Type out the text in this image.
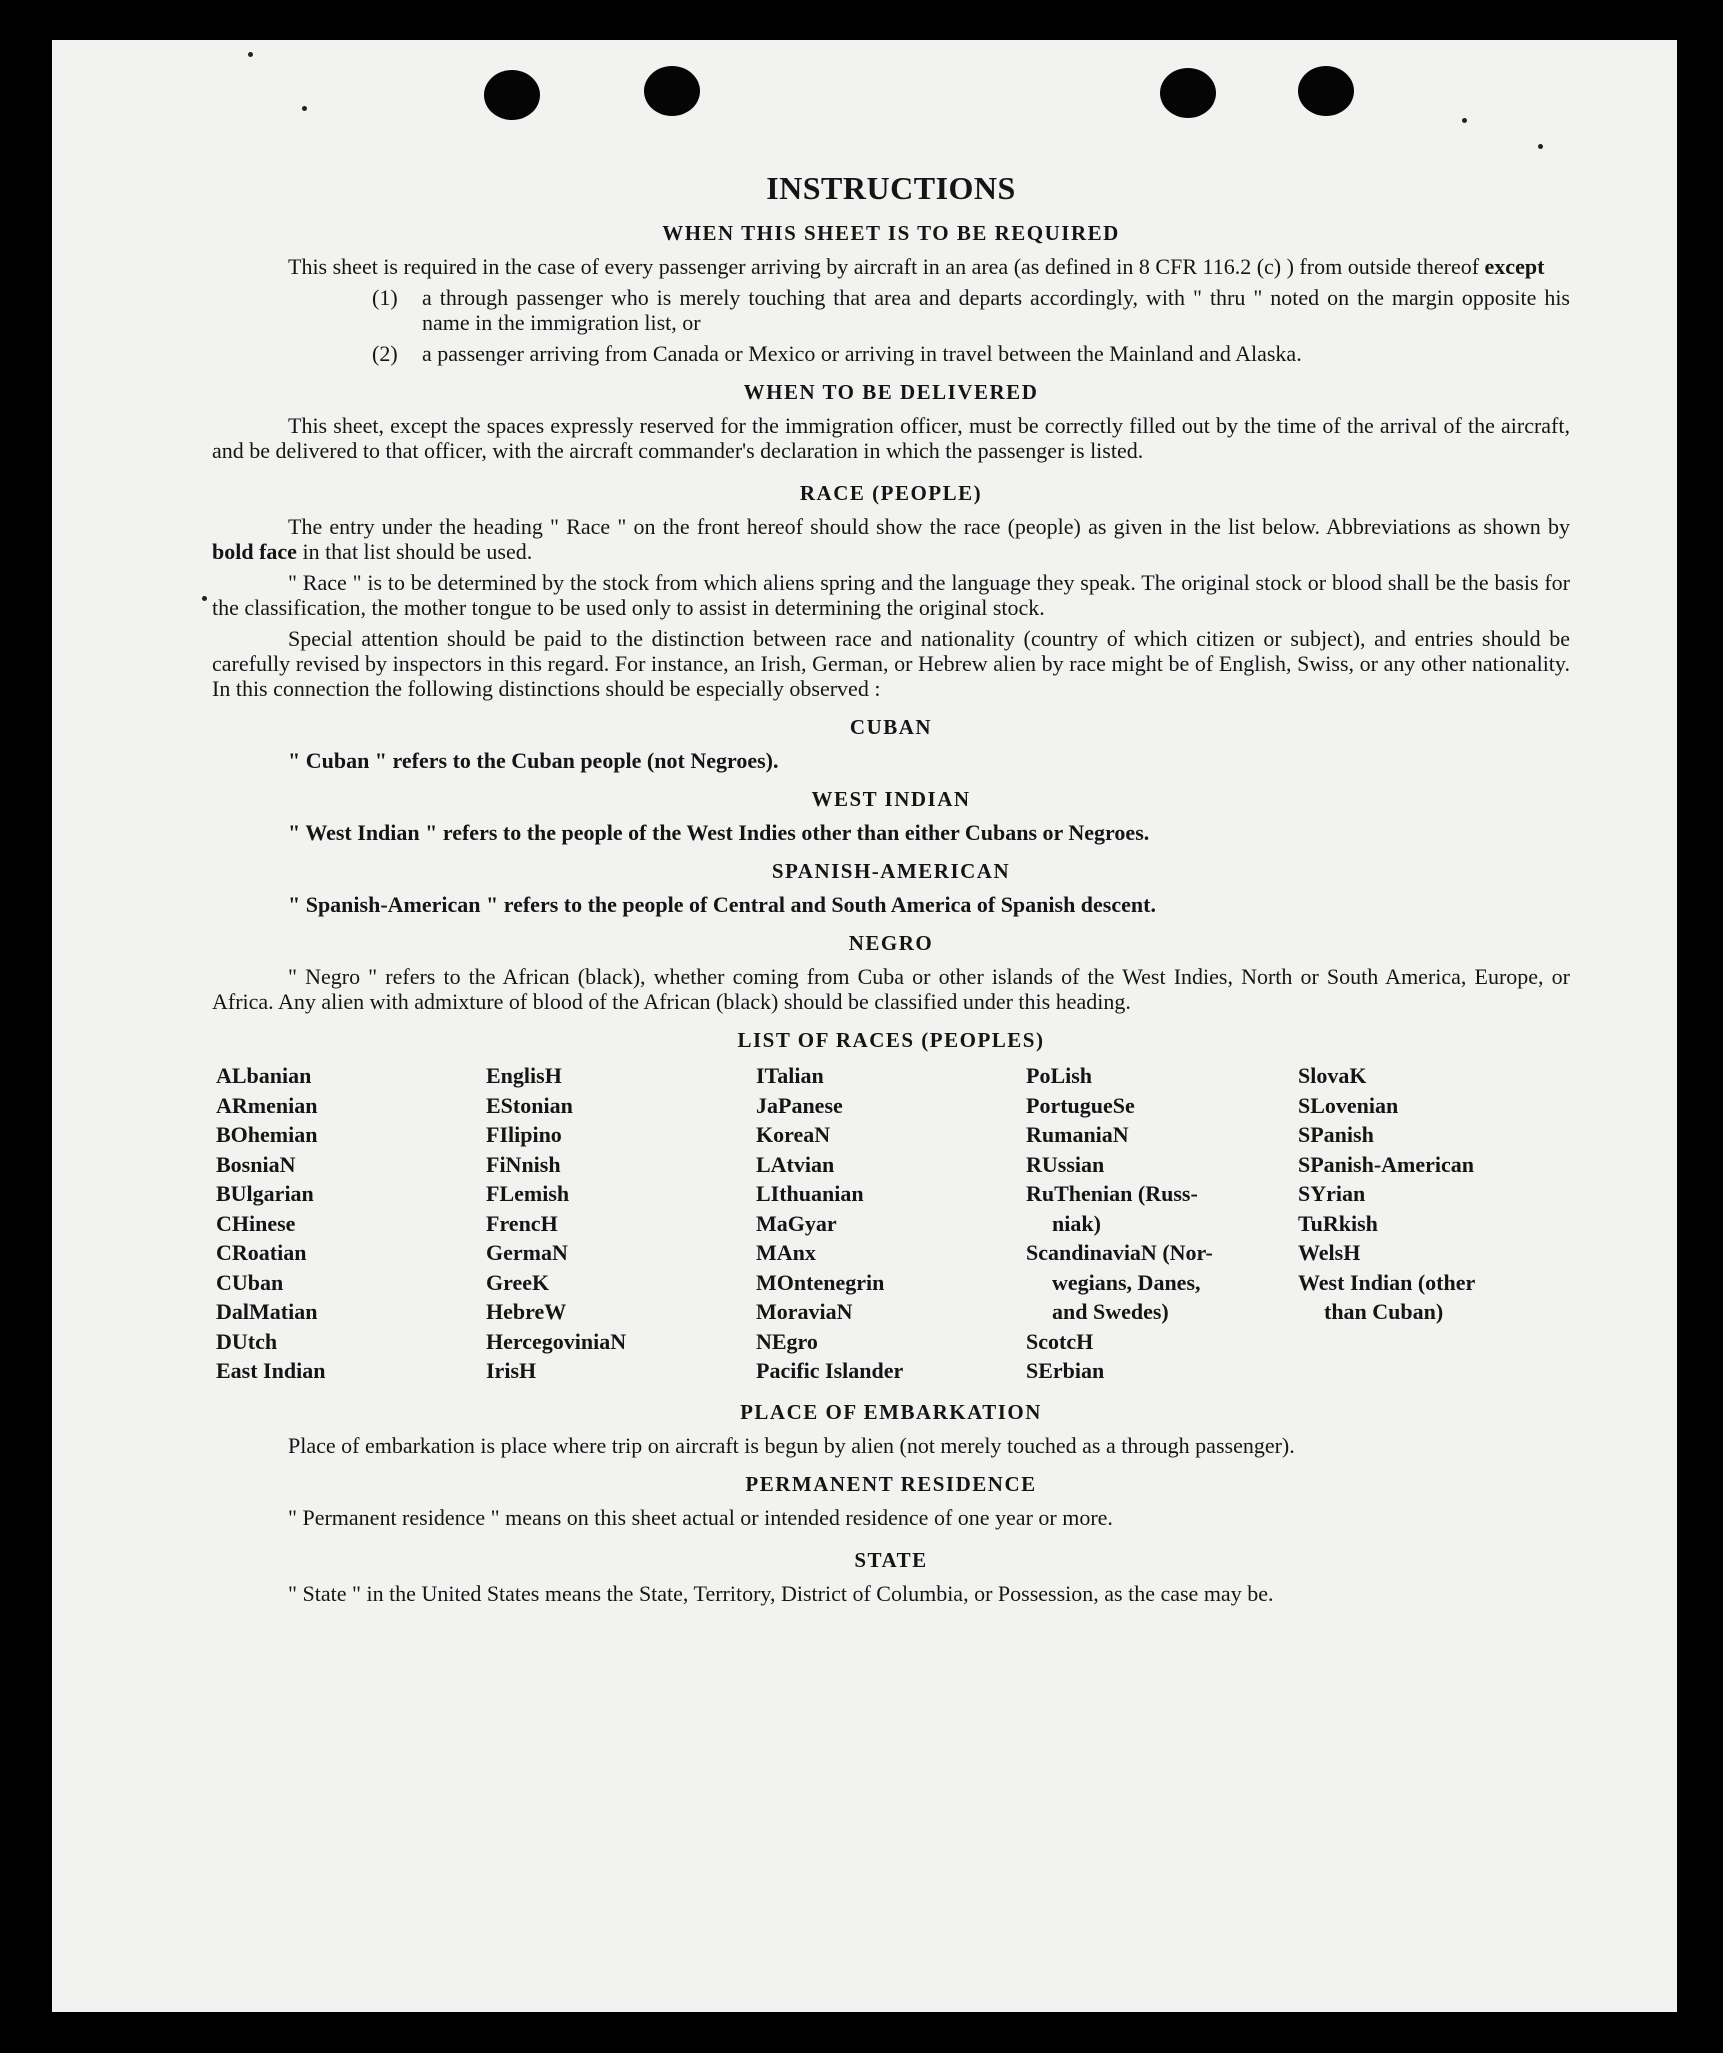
INSTRUCTIONS
WHEN THIS SHEET IS TO BE REQUIRED

This sheet is required in the case of every passenger arriving by aircraft in an area (as defined in 8 CFR 116.2 (c) ) from outside thereof except

(1)	a through passenger who is merely touching that area and departs accordingly, with " thru " noted on the margin opposite his name in the immigration list, or
(2)	a passenger arriving from Canada or Mexico or arriving in travel between the Mainland and Alaska.
WHEN TO BE DELIVERED

This sheet, except the spaces expressly reserved for the immigration officer, must be correctly filled out by the time of the arrival of the aircraft, and be delivered to that officer, with the aircraft commander's declaration in which the passenger is listed.

RACE (PEOPLE)

The entry under the heading " Race " on the front hereof should show the race (people) as given in the list below. Abbreviations as shown by bold face in that list should be used.

" Race " is to be determined by the stock from which aliens spring and the language they speak. The original stock or blood shall be the basis for the classification, the mother tongue to be used only to assist in determining the original stock.

Special attention should be paid to the distinction between race and nationality (country of which citizen or subject), and entries should be carefully revised by inspectors in this regard. For instance, an Irish, German, or Hebrew alien by race might be of English, Swiss, or any other nationality. In this connection the following distinctions should be especially observed :

CUBAN
" Cuban " refers to the Cuban people (not Negroes).
WEST INDIAN
" West Indian " refers to the people of the West Indies other than either Cubans or Negroes.
SPANISH-AMERICAN
" Spanish-American " refers to the people of Central and South America of Spanish descent.
NEGRO

" Negro " refers to the African (black), whether coming from Cuba or other islands of the West Indies, North or South America, Europe, or Africa. Any alien with admixture of blood of the African (black) should be classified under this heading.

LIST OF RACES (PEOPLES)
ALbanian
ARmenian
BOhemian
BosniaN
BUlgarian
CHinese
CRoatian
CUban
DalMatian
DUtch
East Indian
EnglisH
EStonian
FIlipino
FiNnish
FLemish
FrencH
GermaN
GreeK
HebreW
HercegoviniaN
IrisH
ITalian
JaPanese
KoreaN
LAtvian
LIthuanian
MaGyar
MAnx
MOntenegrin
MoraviaN
NEgro
Pacific Islander
PoLish
PortugueSe
RumaniaN
RUssian
RuThenian (Russ-
niak)
ScandinaviaN (Nor-
wegians, Danes,
and Swedes)
ScotcH
SErbian
SlovaK
SLovenian
SPanish
SPanish-American
SYrian
TuRkish
WelsH
West Indian (other
than Cuban)
PLACE OF EMBARKATION

Place of embarkation is place where trip on aircraft is begun by alien (not merely touched as a through passenger).

PERMANENT RESIDENCE

" Permanent residence " means on this sheet actual or intended residence of one year or more.

STATE

" State " in the United States means the State, Territory, District of Columbia, or Possession, as the case may be.
